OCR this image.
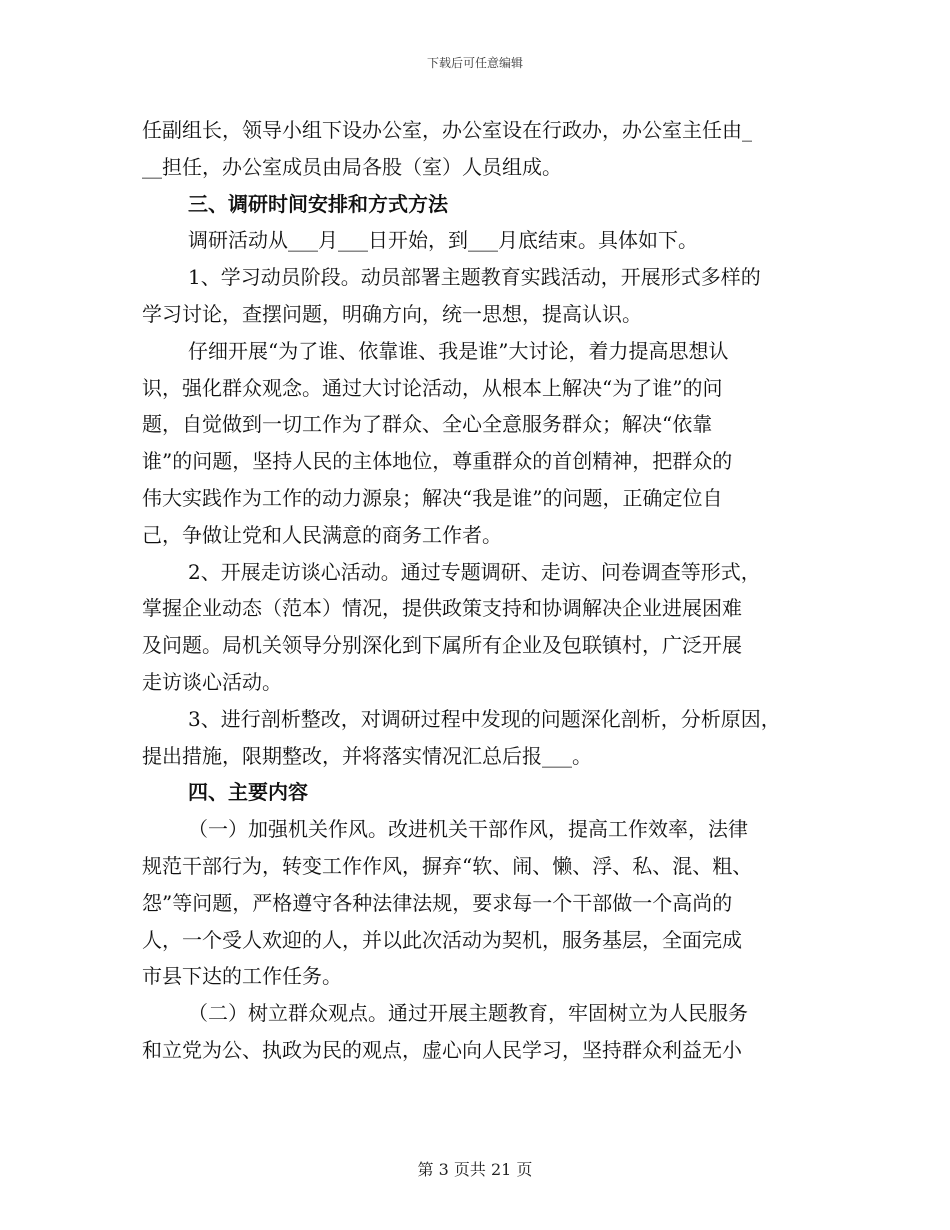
下载后可任意编辑
任副组长，领导小组下设办公室，办公室设在行政办，办公室主任由_
__担任，办公室成员由局各股（室）人员组成。
三、调研时间安排和方式方法
调研活动从___月___日开始，到___月底结束。具体如下。
1、学习动员阶段。动员部署主题教育实践活动，开展形式多样的
学习讨论，查摆问题，明确方向，统一思想，提高认识。
仔细开展“为了谁、依靠谁、我是谁”大讨论，着力提高思想认
识，强化群众观念。通过大讨论活动，从根本上解决“为了谁”的问
题，自觉做到一切工作为了群众、全心全意服务群众；解决“依靠
谁”的问题，坚持人民的主体地位，尊重群众的首创精神，把群众的
伟大实践作为工作的动力源泉；解决“我是谁”的问题，正确定位自
己，争做让党和人民满意的商务工作者。
2、开展走访谈心活动。通过专题调研、走访、问卷调查等形式，
掌握企业动态（范本）情况，提供政策支持和协调解决企业进展困难
及问题。局机关领导分别深化到下属所有企业及包联镇村，广泛开展
走访谈心活动。
3、进行剖析整改，对调研过程中发现的问题深化剖析，分析原因，
提出措施，限期整改，并将落实情况汇总后报___。
四、主要内容
（一）加强机关作风。改进机关干部作风，提高工作效率，法律
规范干部行为，转变工作作风，摒弃“软、闹、懒、浮、私、混、粗、
怨”等问题，严格遵守各种法律法规，要求每一个干部做一个高尚的
人，一个受人欢迎的人，并以此次活动为契机，服务基层，全面完成
市县下达的工作任务。
（二）树立群众观点。通过开展主题教育，牢固树立为人民服务
和立党为公、执政为民的观点，虚心向人民学习，坚持群众利益无小
第 3 页共 21 页
